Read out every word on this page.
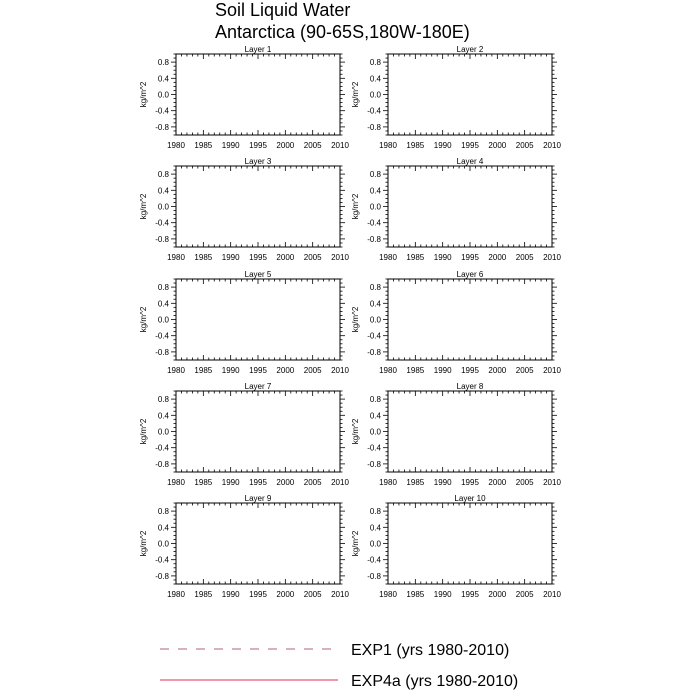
Soil Liquid Water
Antarctica (90-65S,180W-180E)
Layer 1
1980 1985 1990 1995 2000 2005 2010
0.8
0.4
0.0
-0.4
-0.8
kg/m^2
Layer 2
1980 1985 1990 1995 2000 2005 2010
0.8
0.4
0.0
-0.4
-0.8
kg/m^2
Layer 3
1980 1985 1990 1995 2000 2005 2010
0.8
0.4
0.0
-0.4
-0.8
kg/m^2
Layer 4
1980 1985 1990 1995 2000 2005 2010
0.8
0.4
0.0
-0.4
-0.8
kg/m^2
Layer 5
1980 1985 1990 1995 2000 2005 2010
0.8
0.4
0.0
-0.4
-0.8
kg/m^2
Layer 6
1980 1985 1990 1995 2000 2005 2010
0.8
0.4
0.0
-0.4
-0.8
kg/m^2
Layer 7
1980 1985 1990 1995 2000 2005 2010
0.8
0.4
0.0
-0.4
-0.8
kg/m^2
Layer 8
1980 1985 1990 1995 2000 2005 2010
0.8
0.4
0.0
-0.4
-0.8
kg/m^2
Layer 9
1980 1985 1990 1995 2000 2005 2010
0.8
0.4
0.0
-0.4
-0.8
kg/m^2
Layer 10
1980 1985 1990 1995 2000 2005 2010
0.8
0.4
0.0
-0.4
-0.8
kg/m^2
EXP1 (yrs 1980-2010)
EXP4a (yrs 1980-2010)
